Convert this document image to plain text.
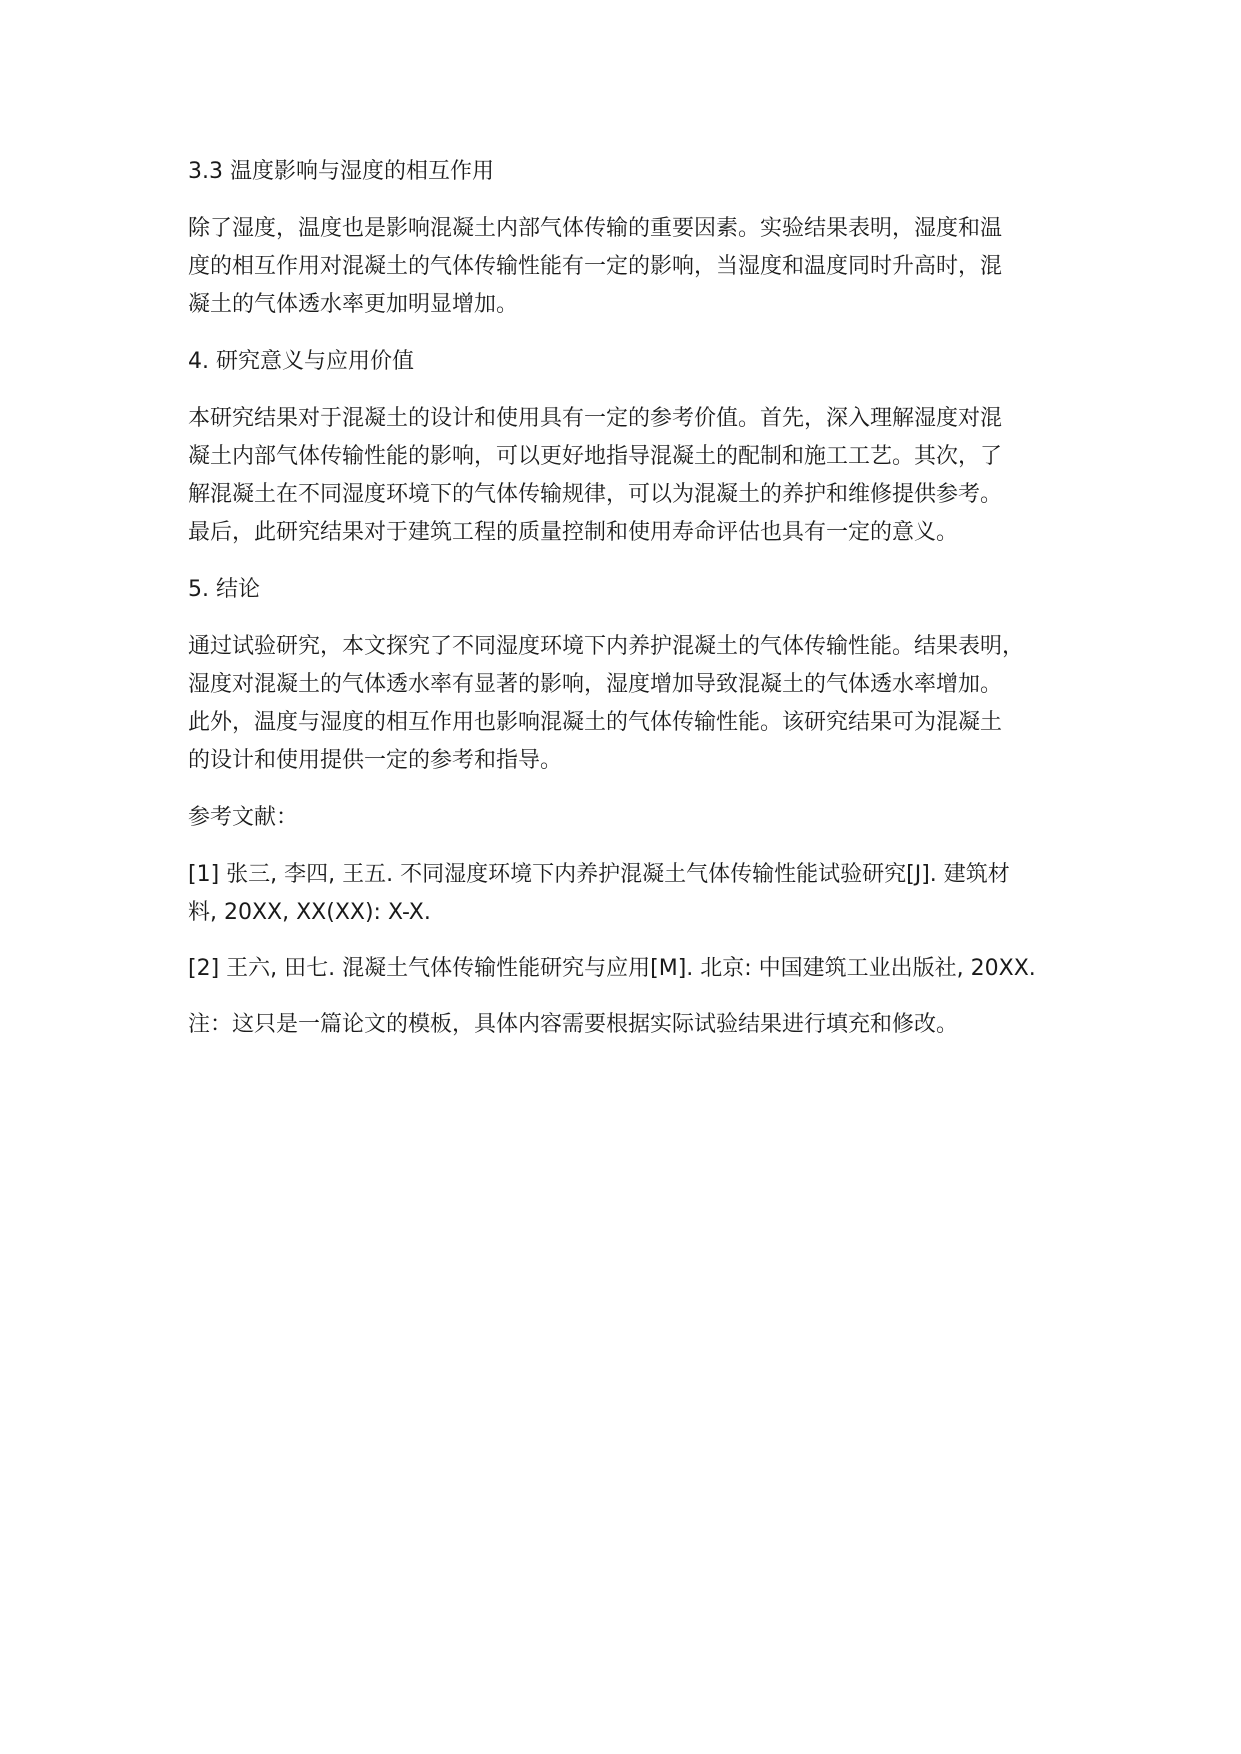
3.3 温度影响与湿度的相互作用
除了湿度，温度也是影响混凝土内部气体传输的重要因素。实验结果表明，湿度和温
度的相互作用对混凝土的气体传输性能有一定的影响，当湿度和温度同时升高时，混
凝土的气体透水率更加明显增加。
4. 研究意义与应用价值
本研究结果对于混凝土的设计和使用具有一定的参考价值。首先，深入理解湿度对混
凝土内部气体传输性能的影响，可以更好地指导混凝土的配制和施工工艺。其次，了
解混凝土在不同湿度环境下的气体传输规律，可以为混凝土的养护和维修提供参考。
最后，此研究结果对于建筑工程的质量控制和使用寿命评估也具有一定的意义。
5. 结论
通过试验研究，本文探究了不同湿度环境下内养护混凝土的气体传输性能。结果表明，
湿度对混凝土的气体透水率有显著的影响，湿度增加导致混凝土的气体透水率增加。
此外，温度与湿度的相互作用也影响混凝土的气体传输性能。该研究结果可为混凝土
的设计和使用提供一定的参考和指导。
参考文献：
[1] 张三, 李四, 王五. 不同湿度环境下内养护混凝土气体传输性能试验研究[J]. 建筑材
料, 20XX, XX(XX): X-X.
[2] 王六, 田七. 混凝土气体传输性能研究与应用[M]. 北京: 中国建筑工业出版社, 20XX.
注：这只是一篇论文的模板，具体内容需要根据实际试验结果进行填充和修改。
